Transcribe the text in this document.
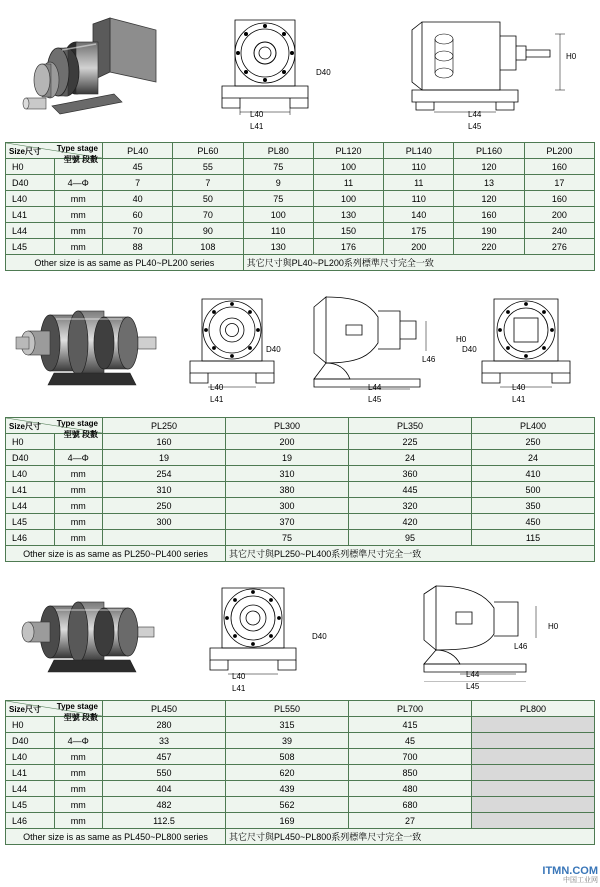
L40
L41
D40
H0
L44
L45
Type stage
型號 段數
Size尺寸		PL40	PL60	PL80	PL120	PL140	PL160	PL200
H0		45	55	75	100	110	120	160
D40	4—Φ	7	7	9	11	11	13	17
L40	mm	40	50	75	100	110	120	160
L41	mm	60	70	100	130	140	160	200
L44	mm	70	90	110	150	175	190	240
L45	mm	88	108	130	176	200	220	276
Other size is as same as PL40~PL200 series				其它尺寸與PL40~PL200系列標準尺寸完全一致				
L40
L41
D40
L44
L45
L46
H0
L40
L41
D40
Type stage
型號 段數
Size尺寸		PL250	PL300	PL350	PL400
H0		160	200	225	250
D40	4—Φ	19	19	24	24
L40	mm	254	310	360	410
L41	mm	310	380	445	500
L44	mm	250	300	320	350
L45	mm	300	370	420	450
L46	mm		75	95	115
Other size is as same as PL250~PL400 series			其它尺寸與PL250~PL400系列標準尺寸完全一致		
L40
L41
D40
L44
L45
L46
H0
Type stage
型號 段數
Size尺寸		PL450	PL550	PL700	PL800
H0		280	315	415	
D40	4—Φ	33	39	45	
L40	mm	457	508	700	
L41	mm	550	620	850	
L44	mm	404	439	480	
L45	mm	482	562	680	
L46	mm	112.5	169	27	
Other size is as same as PL450~PL800 series			其它尺寸與PL450~PL800系列標準尺寸完全一致		
ITMN.COM
中国工业网
